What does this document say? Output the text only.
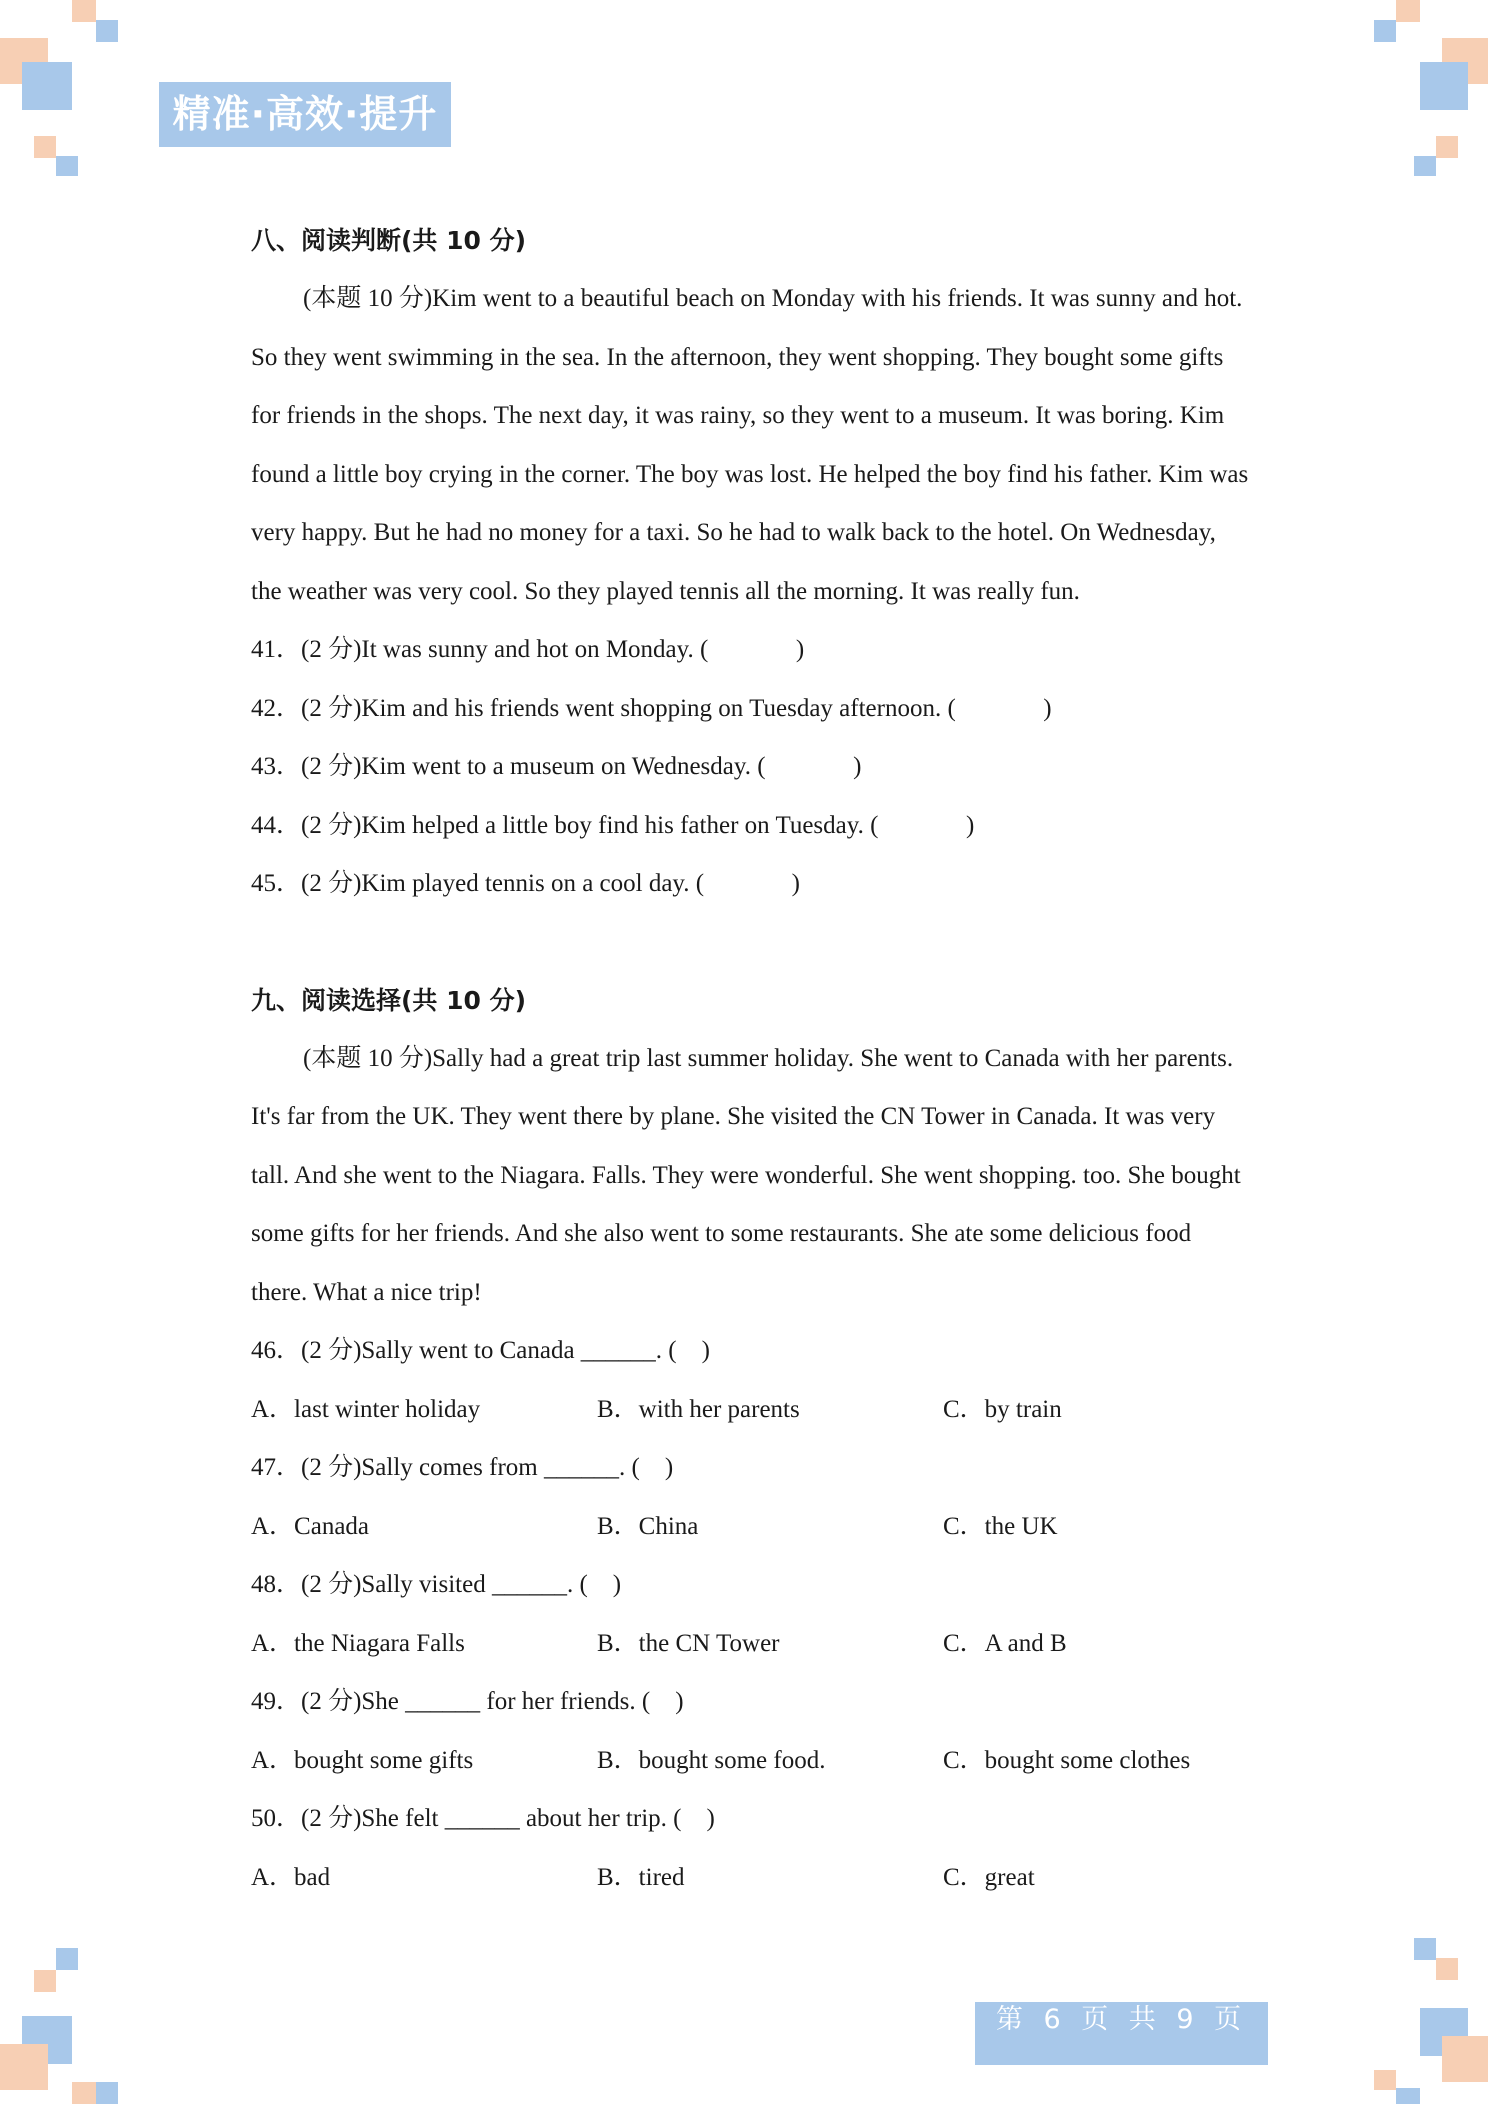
精准·高效·提升
八、阅读判断(共 10 分)

(本题 10 分)Kim went to a beautiful beach on Monday with his friends. It was sunny and hot. So they went swimming in the sea. In the afternoon, they went shopping. They bought some gifts for friends in the shops. The next day, it was rainy, so they went to a museum. It was boring. Kim found a little boy crying in the corner. The boy was lost. He helped the boy find his father. Kim was very happy. But he had no money for a taxi. So he had to walk back to the hotel. On Wednesday, the weather was very cool. So they played tennis all the morning. It was really fun.

41．(2 分)It was sunny and hot on Monday. (              )
42．(2 分)Kim and his friends went shopping on Tuesday afternoon. (              )
43．(2 分)Kim went to a museum on Wednesday. (              )
44．(2 分)Kim helped a little boy find his father on Tuesday. (              )
45．(2 分)Kim played tennis on a cool day. (              )
九、阅读选择(共 10 分)

(本题 10 分)Sally had a great trip last summer holiday. She went to Canada with her parents. It's far from the UK. They went there by plane. She visited the CN Tower in Canada. It was very tall. And she went to the Niagara. Falls. They were wonderful. She went shopping. too. She bought some gifts for her friends. And she also went to some restaurants. She ate some delicious food there. What a nice trip!

46．(2 分)Sally went to Canada ______. (    )
A．last winter holiday	B．with her parents	C．by train
47．(2 分)Sally comes from ______. (    )
A．Canada	B．China	C．the UK
48．(2 分)Sally visited ______. (    )
A．the Niagara Falls	B．the CN Tower	C．A and B
49．(2 分)She ______ for her friends. (    )
A．bought some gifts	B．bought some food.	C．bought some clothes
50．(2 分)She felt ______ about her trip. (    )
A．bad	B．tired	C．great
第 6 页 共 9 页
